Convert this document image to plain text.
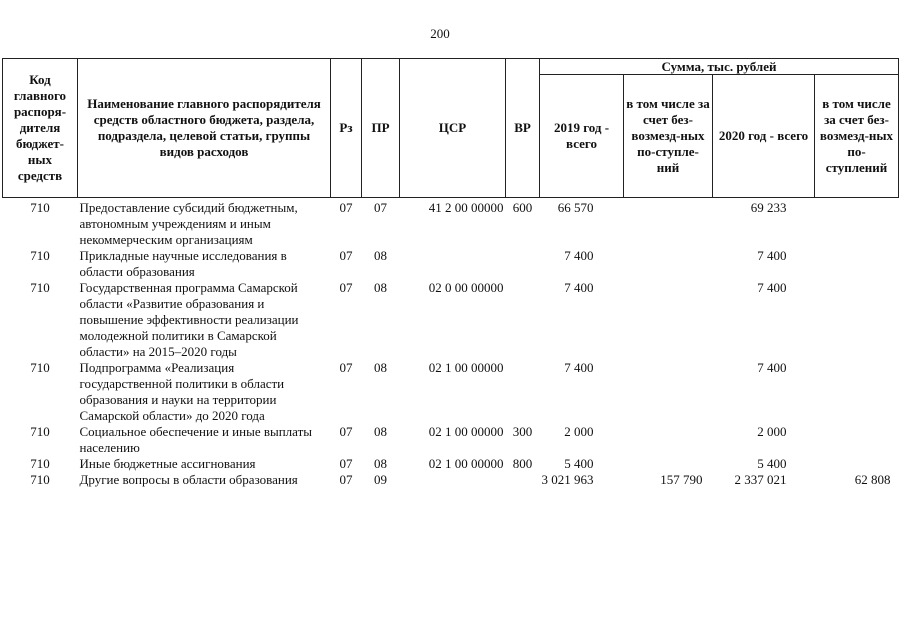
200
Код главного распоря-дителя бюджет-ных средств	Наименование главного распорядителя средств областного бюджета, раздела, подраздела, целевой статьи, группы видов расходов	Рз	ПР	ЦСР	ВР	Сумма, тыс. рублей			
						2019 год - всего	в том числе за счет без-возмезд-ных по-ступле-ний	2020 год - всего	в том числе за счет без-возмезд-ных по-ступлений
710	Предоставление субсидий бюджетным, автономным учреждениям и иным некоммерческим организациям	07	07	41 2 00 00000	600	66 570		69 233	
710	Прикладные научные исследования в области образования	07	08			7 400		7 400	
710	Государственная программа Самарской области «Развитие образования и повышение эффективности реализации молодежной политики в Самарской области» на 2015–2020 годы	07	08	02 0 00 00000		7 400		7 400	
710	Подпрограмма «Реализация государственной политики в области образования и науки на территории Самарской области» до 2020 года	07	08	02 1 00 00000		7 400		7 400	
710	Социальное обеспечение и иные выплаты населению	07	08	02 1 00 00000	300	2 000		2 000	
710	Иные бюджетные ассигнования	07	08	02 1 00 00000	800	5 400		5 400	
710	Другие вопросы в области образования	07	09			3 021 963	157 790	2 337 021	62 808
